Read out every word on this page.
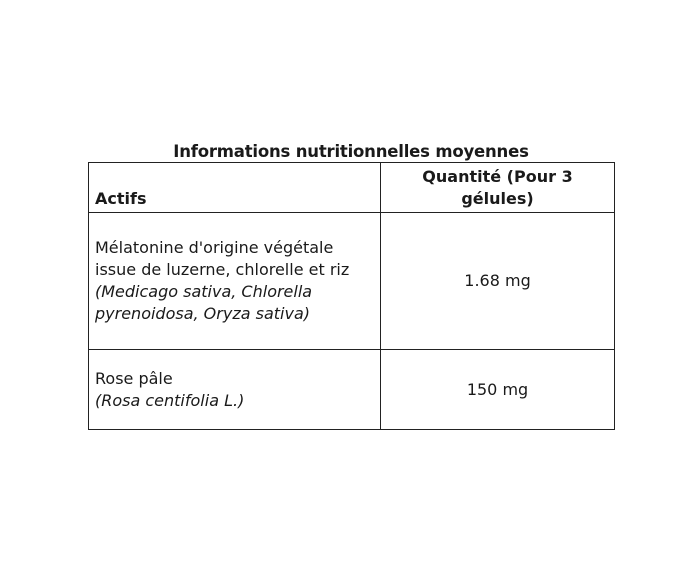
Informations nutritionnelles moyennes
Actifs	Quantité (Pour 3 gélules)

Mélatonine d'origine végétale issue de luzerne, chlorelle et riz
(Medicago sativa, Chlorella pyrenoidosa, Oryza sativa)	1.68 mg

Rose pâle
(Rosa centifolia L.)	150 mg
